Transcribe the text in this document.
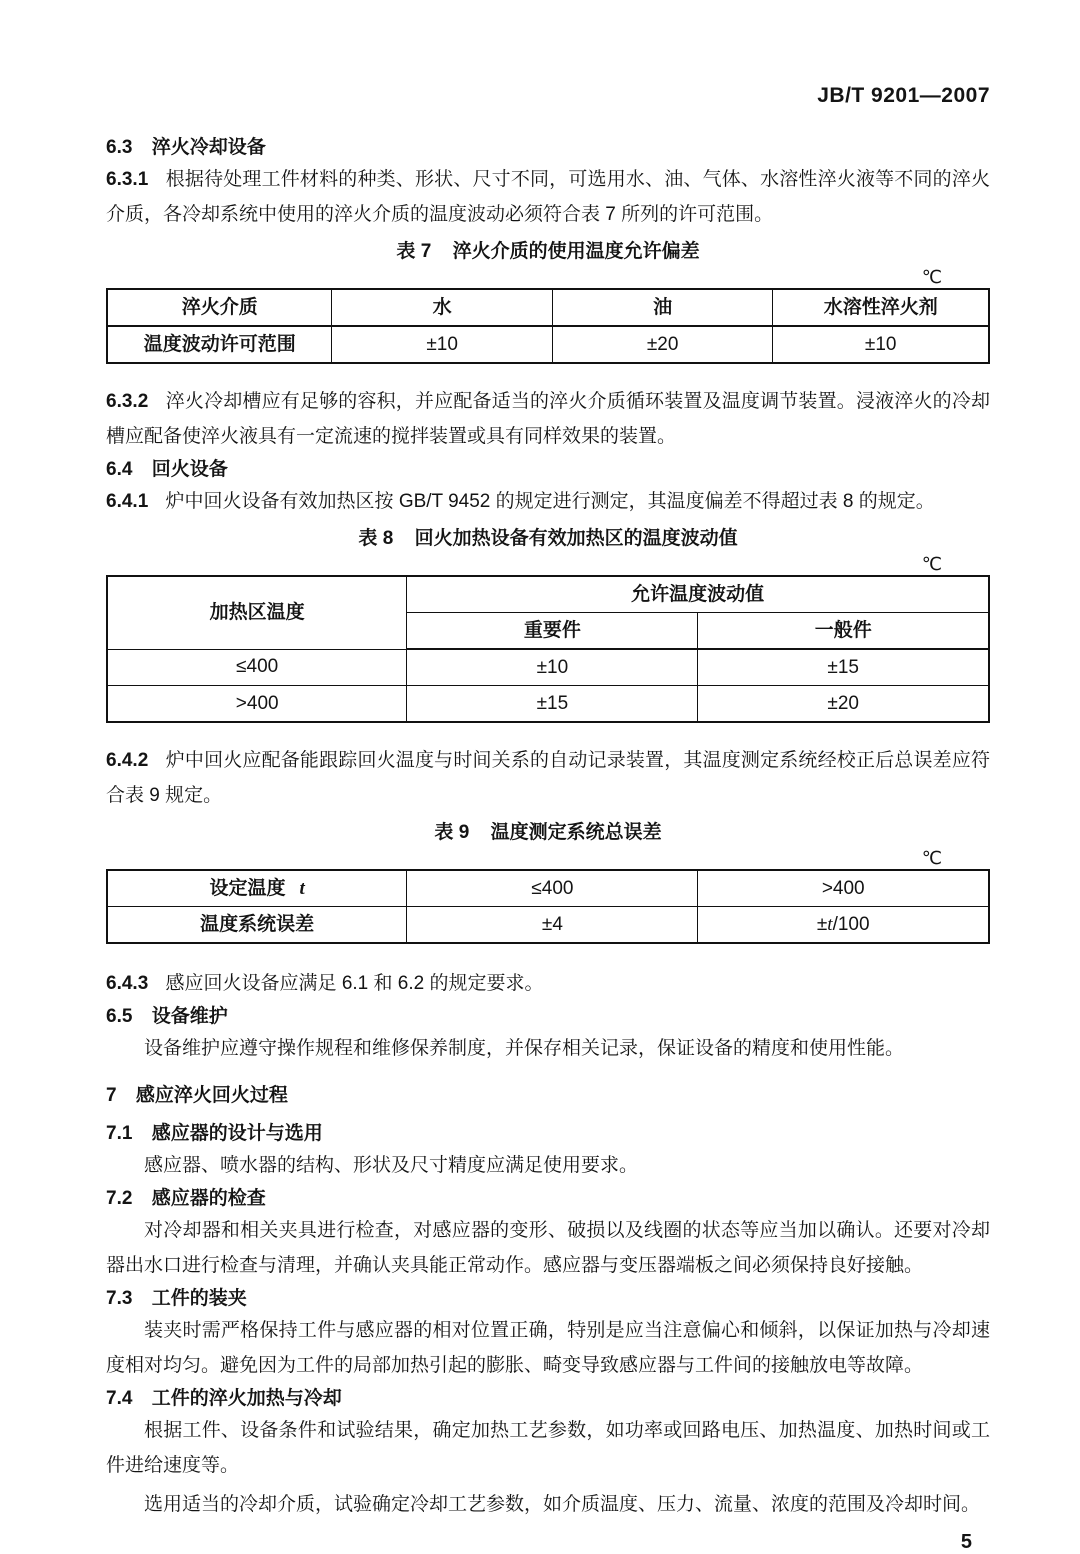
JB/T 9201—2007
6.3 淬火冷却设备

6.3.1 根据待处理工件材料的种类、形状、尺寸不同，可选用水、油、气体、水溶性淬火液等不同的淬火介质，各冷却系统中使用的淬火介质的温度波动必须符合表 7 所列的许可范围。

表 7 淬火介质的使用温度允许偏差
℃
淬火介质	水	油	水溶性淬火剂
温度波动许可范围	±10	±20	±10

6.3.2 淬火冷却槽应有足够的容积，并应配备适当的淬火介质循环装置及温度调节装置。浸液淬火的冷却槽应配备使淬火液具有一定流速的搅拌装置或具有同样效果的装置。

6.4 回火设备

6.4.1 炉中回火设备有效加热区按 GB/T 9452 的规定进行测定，其温度偏差不得超过表 8 的规定。

表 8 回火加热设备有效加热区的温度波动值
℃
加热区温度	允许温度波动值	
	重要件	一般件
≤400	±10	±15
>400	±15	±20

6.4.2 炉中回火应配备能跟踪回火温度与时间关系的自动记录装置，其温度测定系统经校正后总误差应符合表 9 规定。

表 9 温度测定系统总误差
℃
设定温度 t	≤400	>400
温度系统误差	±4	±t/100

6.4.3 感应回火设备应满足 6.1 和 6.2 的规定要求。

6.5 设备维护

设备维护应遵守操作规程和维修保养制度，并保存相关记录，保证设备的精度和使用性能。

7 感应淬火回火过程
7.1 感应器的设计与选用

感应器、喷水器的结构、形状及尺寸精度应满足使用要求。

7.2 感应器的检查

对冷却器和相关夹具进行检查，对感应器的变形、破损以及线圈的状态等应当加以确认。还要对冷却器出水口进行检查与清理，并确认夹具能正常动作。感应器与变压器端板之间必须保持良好接触。

7.3 工件的装夹

装夹时需严格保持工件与感应器的相对位置正确，特别是应当注意偏心和倾斜，以保证加热与冷却速度相对均匀。避免因为工件的局部加热引起的膨胀、畸变导致感应器与工件间的接触放电等故障。

7.4 工件的淬火加热与冷却

根据工件、设备条件和试验结果，确定加热工艺参数，如功率或回路电压、加热温度、加热时间或工件进给速度等。

选用适当的冷却介质，试验确定冷却工艺参数，如介质温度、压力、流量、浓度的范围及冷却时间。

5
